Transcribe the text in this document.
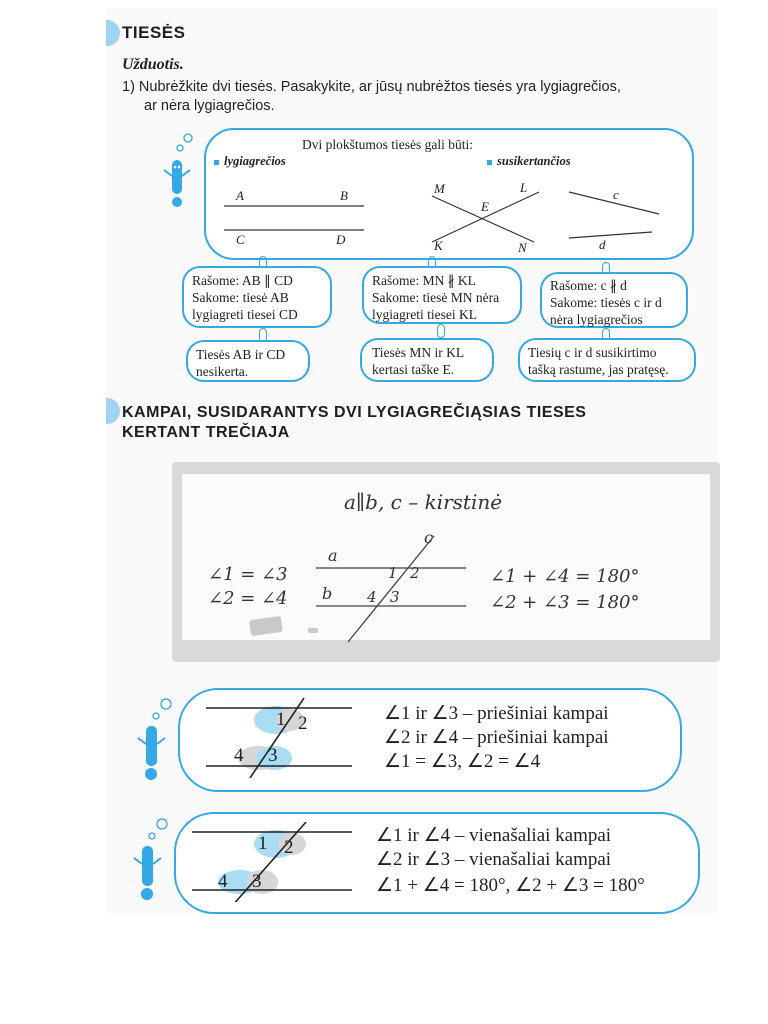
TIESĖS
Užduotis.
1) Nubrėžkite dvi tiesės. Pasakykite, ar jūsų nubrėžtos tiesės yra lygiagrečios,
ar nėra lygiagrečios.
Dvi plokštumos tiesės gali būti:
lygiagrečios	susikertančios
A	B
C	D
M	L
E
K	N
c
d
Rašome: AB ∥ CD
Sakome: tiesė AB
lygiagreti tiesei CD
Rašome: MN ∦ KL
Sakome: tiesė MN nėra
lygiagreti tiesei KL
Rašome: c ∦ d
Sakome: tiesės c ir d
nėra lygiagrečios
Tiesės AB ir CD
nesikerta.
Tiesės MN ir KL
kertasi taške E.
Tiesių c ir d susikirtimo
tašką rastume, jas pratęsę.
KAMPAI, SUSIDARANTYS DVI LYGIAGREČIĄSIAS TIESES
KERTANT TREČIAJA
a∥b, c – kirstinė
a
b
c
1 2
4 3
∠1 = ∠3
∠2 = ∠4
∠1 + ∠4 = 180°
∠2 + ∠3 = 180°
1 2
4 3
∠1 ir ∠3 – priešiniai kampai
∠2 ir ∠4 – priešiniai kampai
∠1 = ∠3, ∠2 = ∠4
1 2
4 3
∠1 ir ∠4 – vienašaliai kampai
∠2 ir ∠3 – vienašaliai kampai
∠1 + ∠4 = 180°, ∠2 + ∠3 = 180°
